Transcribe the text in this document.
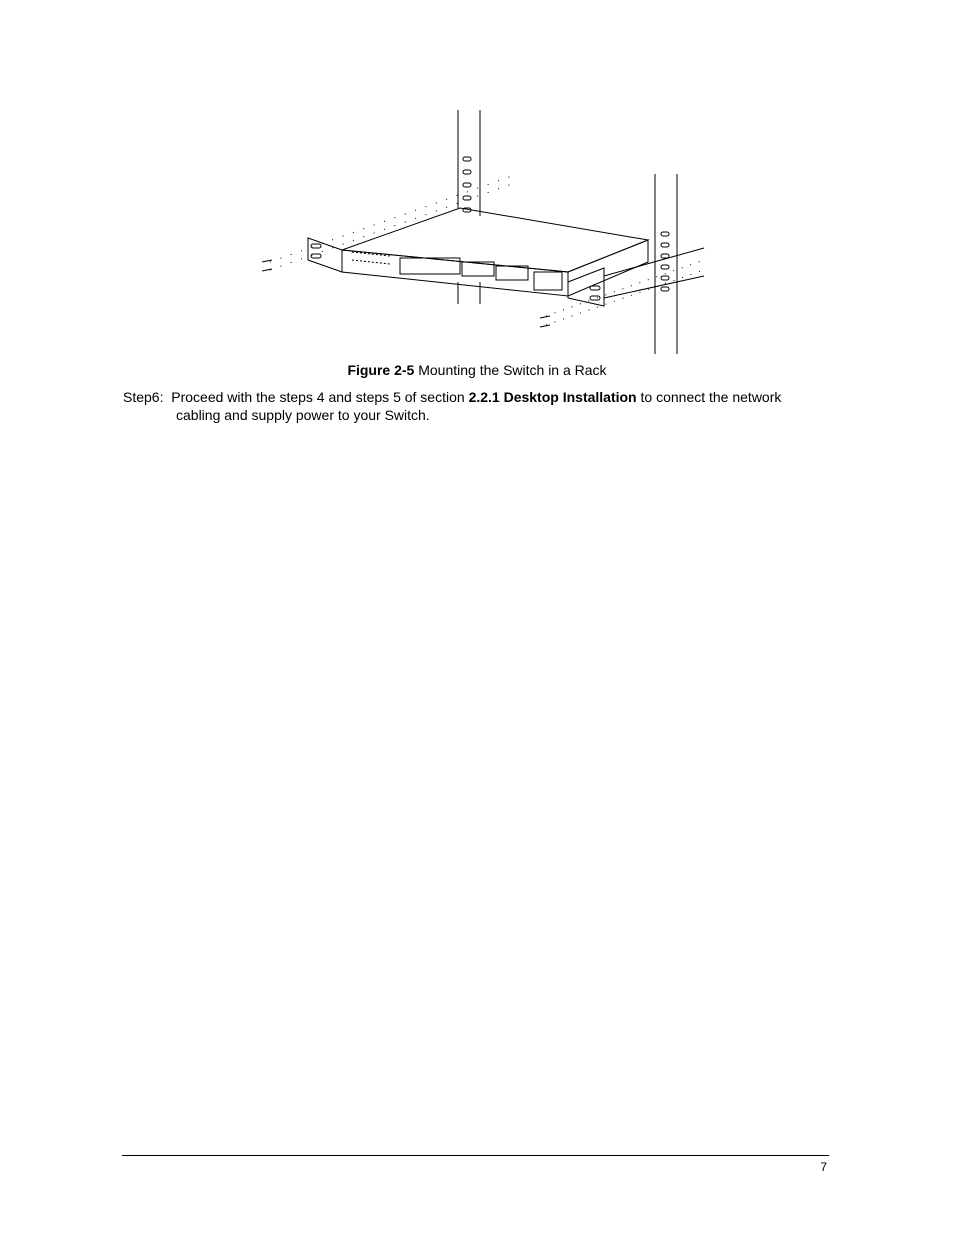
Figure 2-5 Mounting the Switch in a Rack
Step6: Proceed with the steps 4 and steps 5 of section 2.2.1 Desktop Installation to connect the network
cabling and supply power to your Switch.
7
